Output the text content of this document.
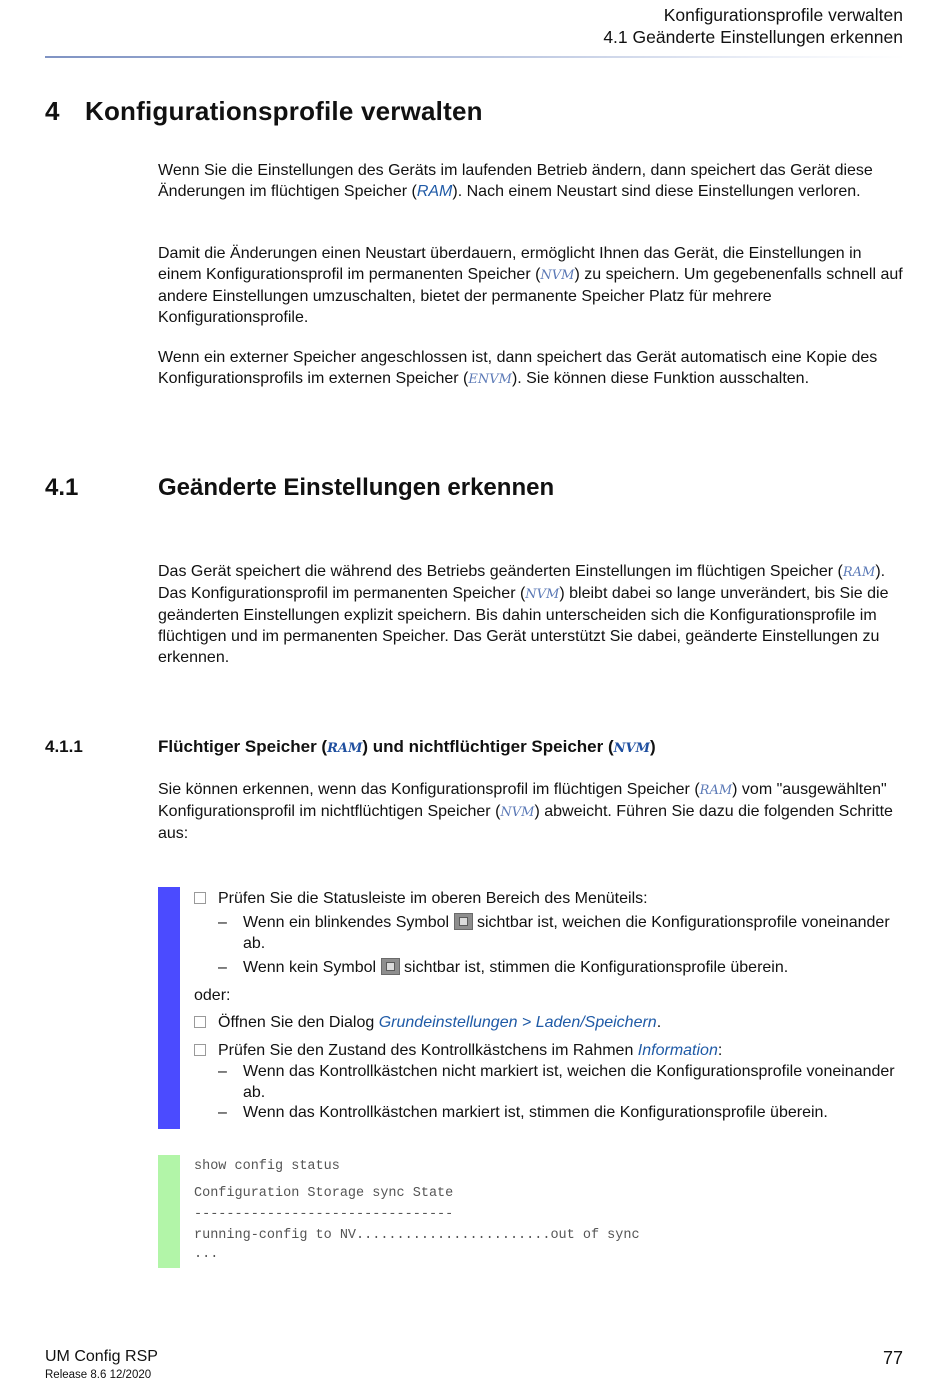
Konfigurationsprofile verwalten
4.1 Geänderte Einstellungen erkennen
4 Konfigurationsprofile verwalten
Wenn Sie die Einstellungen des Geräts im laufenden Betrieb ändern, dann speichert das Gerät diese Änderungen im flüchtigen Speicher (RAM). Nach einem Neustart sind diese Einstellungen verloren.
Damit die Änderungen einen Neustart überdauern, ermöglicht Ihnen das Gerät, die Einstellungen in einem Konfigurationsprofil im permanenten Speicher (NVM) zu speichern. Um gegebenenfalls schnell auf andere Einstellungen umzuschalten, bietet der permanente Speicher Platz für mehrere Konfigurationsprofile.
Wenn ein externer Speicher angeschlossen ist, dann speichert das Gerät automatisch eine Kopie des Konfigurationsprofils im externen Speicher (ENVM). Sie können diese Funktion ausschalten.
4.1	Geänderte Einstellungen erkennen
Das Gerät speichert die während des Betriebs geänderten Einstellungen im flüchtigen Speicher (RAM). Das Konfigurationsprofil im permanenten Speicher (NVM) bleibt dabei so lange unverändert, bis Sie die geänderten Einstellungen explizit speichern. Bis dahin unterscheiden sich die Konfigurationsprofile im flüchtigen und im permanenten Speicher. Das Gerät unterstützt Sie dabei, geänderte Einstellungen zu erkennen.
4.1.1	Flüchtiger Speicher (RAM) und nichtflüchtiger Speicher (NVM)
Sie können erkennen, wenn das Konfigurationsprofil im flüchtigen Speicher (RAM) vom "ausgewählten" Konfigurationsprofil im nichtflüchtigen Speicher (NVM) abweicht. Führen Sie dazu die folgenden Schritte aus:
Prüfen Sie die Statusleiste im oberen Bereich des Menüteils:
– Wenn ein blinkendes Symbol sichtbar ist, weichen die Konfigurationsprofile voneinander ab.
– Wenn kein Symbol sichtbar ist, stimmen die Konfigurationsprofile überein.
oder:
Öffnen Sie den Dialog Grundeinstellungen > Laden/Speichern.
Prüfen Sie den Zustand des Kontrollkästchens im Rahmen Information:
– Wenn das Kontrollkästchen nicht markiert ist, weichen die Konfigurationsprofile voneinander ab.
– Wenn das Kontrollkästchen markiert ist, stimmen die Konfigurationsprofile überein.
show config status
Configuration Storage sync State
--------------------------------
running-config to NV........................out of sync
...
UM Config RSP
Release 8.6 12/2020
77
